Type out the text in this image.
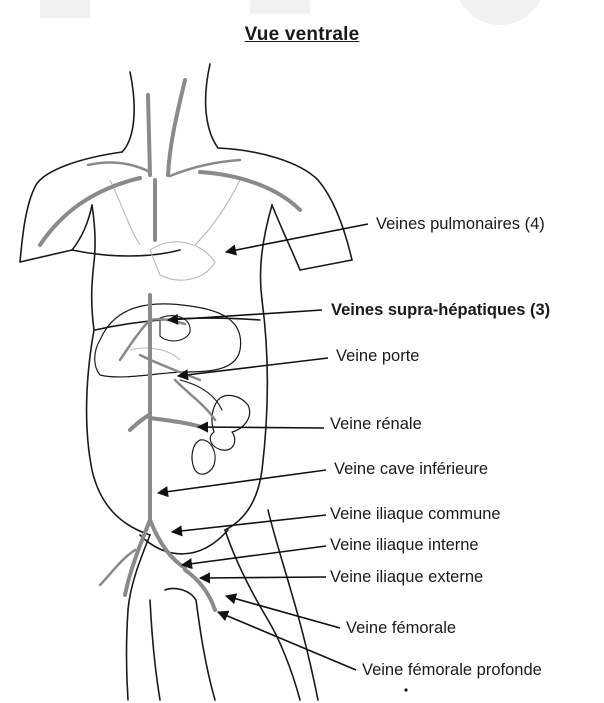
Vue ventrale
Veines pulmonaires (4)
Veines supra-hépatiques (3)
Veine porte
Veine rénale
Veine cave inférieure
Veine iliaque commune
Veine iliaque interne
Veine iliaque externe
Veine fémorale
Veine fémorale profonde
